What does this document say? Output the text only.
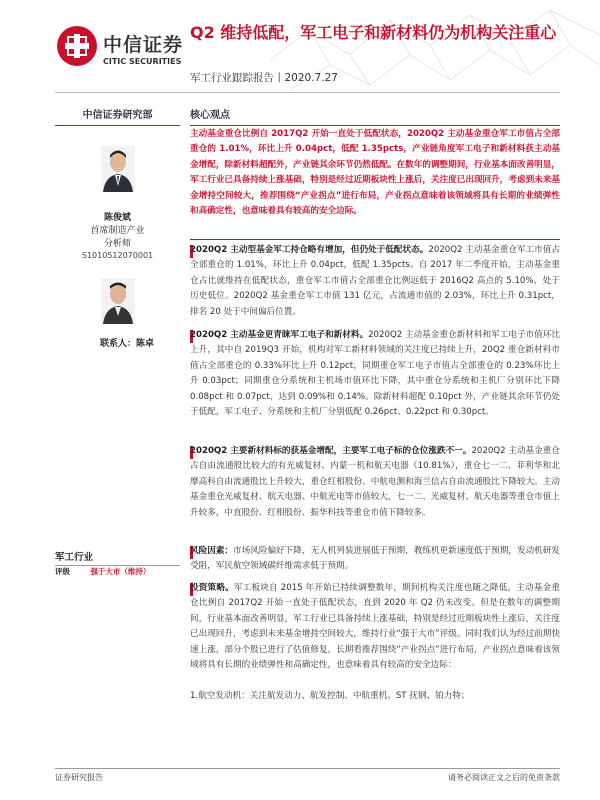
中信证券
CITIC SECURITIES
Q2 维持低配，军工电子和新材料仍为机构关注重心
军工行业跟踪报告丨2020.7.27
中信证券研究部
陈俊斌
首席制造产业
分析师
S1010512070001
联系人：陈卓
军工行业
评级	强于大市（维持）
核心观点
主动基金重仓比例自 2017Q2 开始一直处于低配状态，2020Q2 主动基金重仓军工市值占全部重仓的 1.01%，环比上升 0.04pct，低配 1.35pcts，产业链角度军工电子和新材料获主动基金增配，除新材料超配外，产业链其余环节仍然低配。在数年的调整期间，行业基本面改善明显，军工行业已具备持续上涨基础，特别是经过近期板块性上涨后，关注度已出现回升，考虑到未来基金增持空间较大，推荐围绕“产业拐点”进行布局，产业拐点意味着该领域将具有长期的业绩弹性和高确定性，也意味着具有较高的安全边际。
2020Q2 主动型基金军工持仓略有增加，但仍处于低配状态。2020Q2 主动基金重仓军工市值占全部重仓的 1.01%，环比上升 0.04pct，低配 1.35pcts。自 2017 年二季度开始，主动基金重仓占比就维持在低配状态，重仓军工市值占全部重仓比例远低于 2016Q2 高点的 5.10%，处于历史低位。2020Q2 基金重仓军工市值 131 亿元，占流通市值的 2.03%，环比上升 0.31pct，排名 20 处于中间偏后位置。
2020Q2 主动基金更青睐军工电子和新材料。2020Q2 主动基金重仓新材料和军工电子市值环比上升，其中自 2019Q3 开始，机构对军工新材料领域的关注度已持续上升，20Q2 重仓新材料市值占全部重仓的 0.33%环比上升 0.12pct，同期重仓军工电子市值占全部重仓的 0.23%环比上升 0.03pct；同期重仓分系统和主机场市值环比下降，其中重仓分系统和主机厂分别环比下降 0.08pct 和 0.07pct，达到 0.09%和 0.14%。除新材料超配 0.10pct 外，产业链其余环节仍处于低配，军工电子、分系统和主机厂分别低配 0.26pct、0.22pct 和 0.30pct。
2020Q2 主要新材料标的获基金增配，主要军工电子标的仓位涨跌不一。2020Q2 主动基金重仓占自由流通股比较大的有光威复材、内蒙一机和航天电器（10.81%），重仓七一二、菲利华和北摩高科自由流通股比上升较大，重仓红相股份、中航电测和海兰信占自由流通股比下降较大。主动基金重仓光威复材、航天电器、中航光电等市值较大，七一二、光威复材、航天电器等重仓市值上升较多，中直股份、红相股份、振华科技等重仓市值下降较多。
风险因素：市场风险偏好下降，无人机列装进展低于预期，教练机更新速度低于预期，发动机研发受阻，军民航空领域碳纤维需求低于预期。
投资策略。军工板块自 2015 年开始已持续调整数年，期间机构关注度也随之降低，主动基金重仓比例自 2017Q2 开始一直处于低配状态，直到 2020 年 Q2 仍未改变。但是在数年的调整期间，行业基本面改善明显，军工行业已具备持续上涨基础，特别是经过近期板块性上涨后，关注度已出现回升，考虑到未来基金增持空间较大，维持行业“强于大市”评级。同时我们认为经过前期快速上涨，部分个股已进行了估值修复，长期看推荐围绕“产业拐点”进行布局，产业拐点意味着该领域将具有长期的业绩弹性和高确定性，也意味着具有较高的安全边际：
1.航空发动机：关注航发动力、航发控制、中航重机、ST 抚钢、铂力特；
证券研究报告	请务必阅读正文之后的免责条款
